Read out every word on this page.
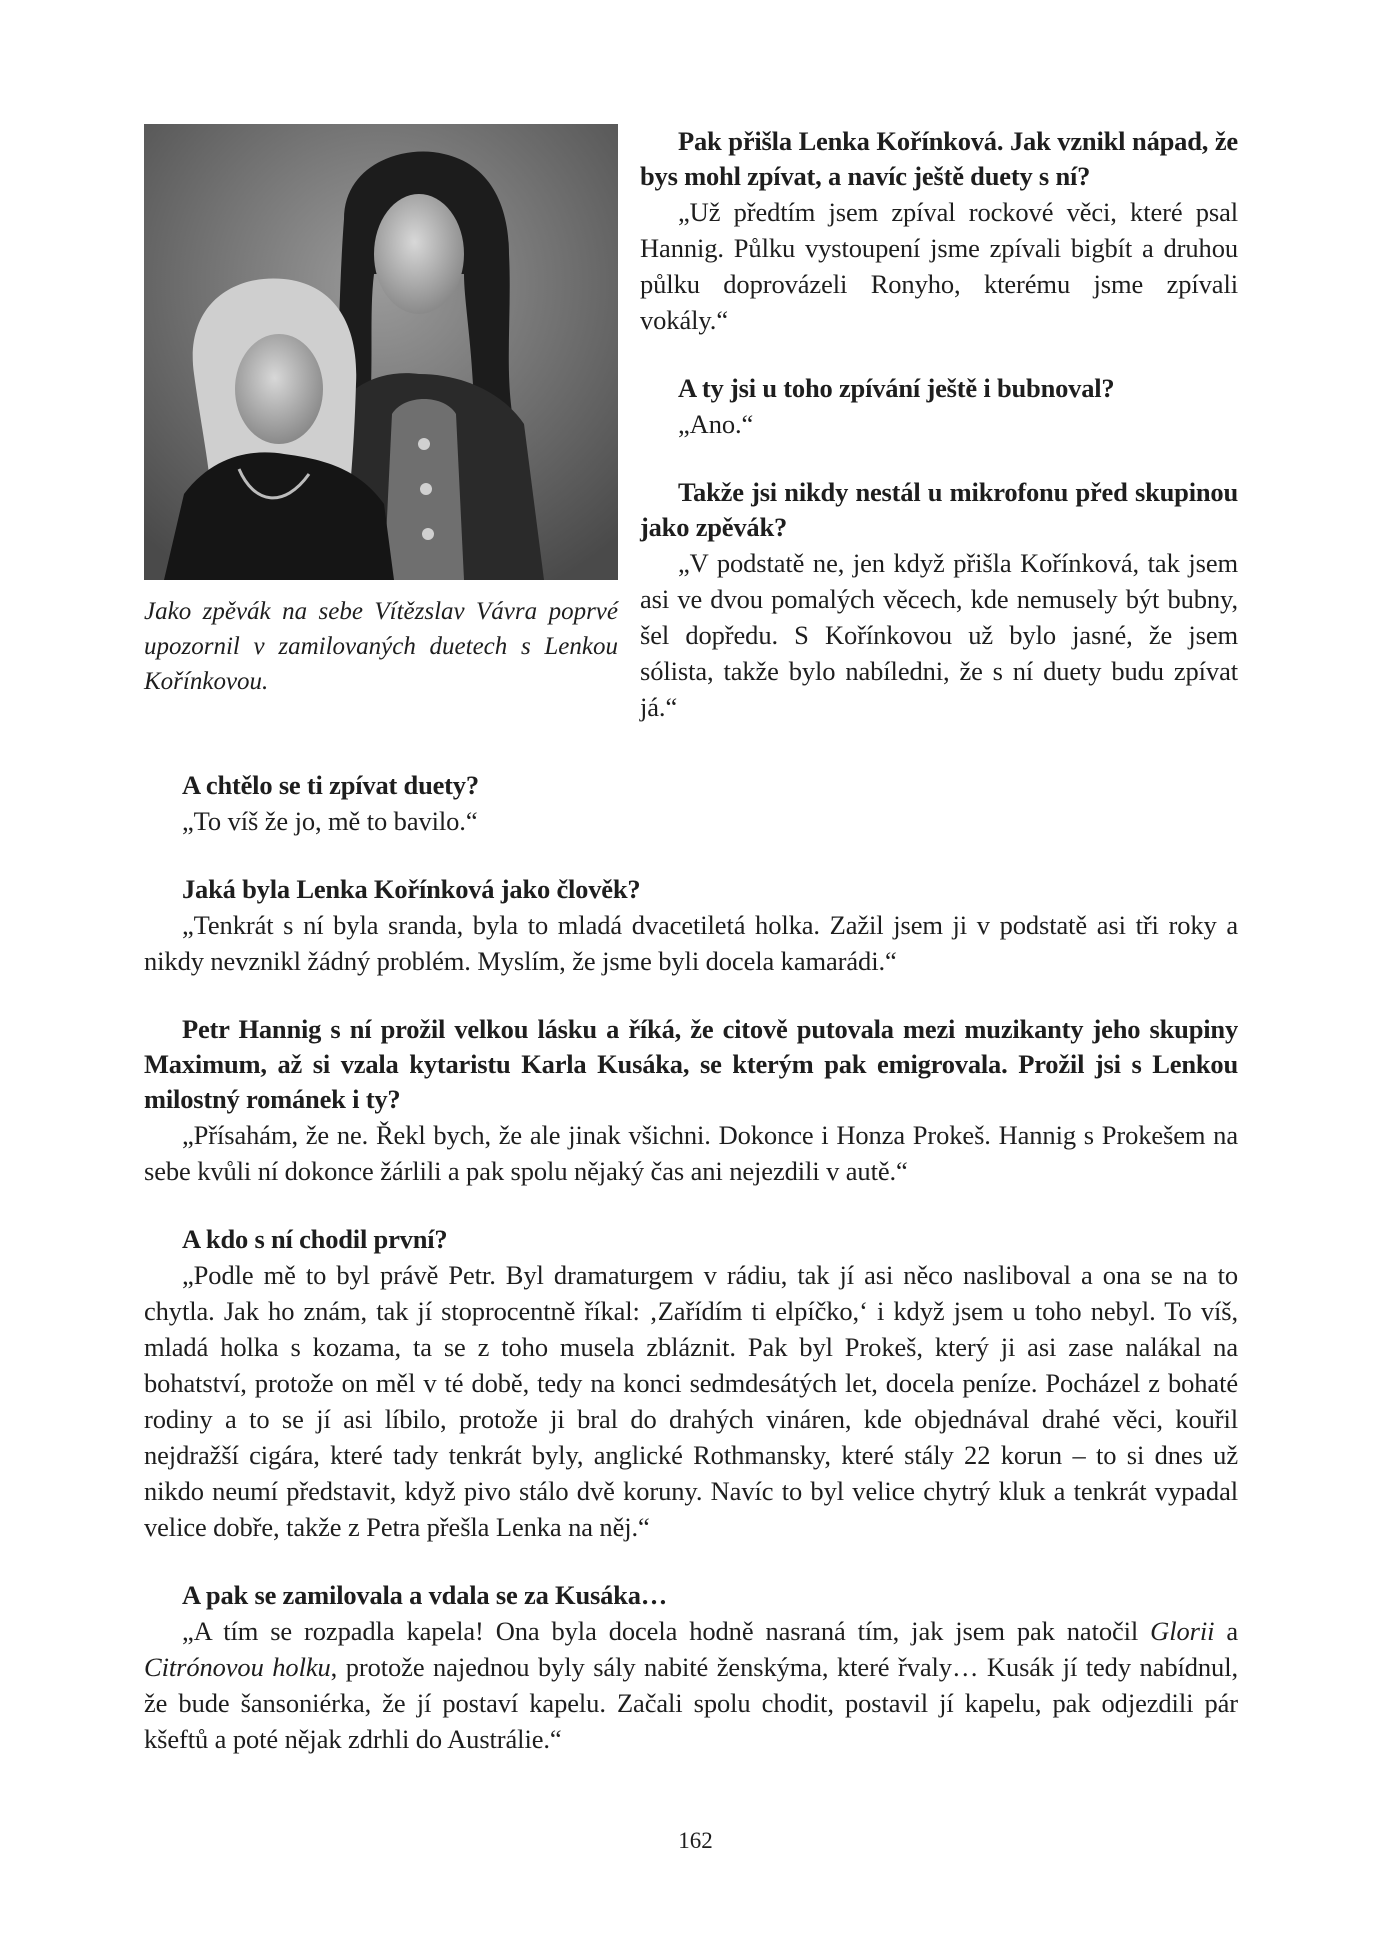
Jako zpěvák na sebe Vítězslav Vávra poprvé upozornil v zamilovaných duetech s Lenkou Kořínkovou.
Pak přišla Lenka Kořínková. Jak vznikl nápad, že bys mohl zpívat, a navíc ještě duety s ní?
„Už předtím jsem zpíval rockové věci, které psal Hannig. Půlku vystoupení jsme zpívali bigbít a druhou půlku doprovázeli Ronyho, kterému jsme zpívali vokály.“
A ty jsi u toho zpívání ještě i bubnoval?
„Ano.“
Takže jsi nikdy nestál u mikrofonu před skupinou jako zpěvák?
„V podstatě ne, jen když přišla Kořínková, tak jsem asi ve dvou pomalých věcech, kde nemusely být bubny, šel dopředu. S Kořínkovou už bylo jasné, že jsem sólista, takže bylo nabíledni, že s ní duety budu zpívat já.“
A chtělo se ti zpívat duety?
„To víš že jo, mě to bavilo.“
Jaká byla Lenka Kořínková jako člověk?
„Tenkrát s ní byla sranda, byla to mladá dvacetiletá holka. Zažil jsem ji v podstatě asi tři roky a nikdy nevznikl žádný problém. Myslím, že jsme byli docela kamarádi.“
Petr Hannig s ní prožil velkou lásku a říká, že citově putovala mezi muzikanty jeho skupiny Maximum, až si vzala kytaristu Karla Kusáka, se kterým pak emigrovala. Prožil jsi s Lenkou milostný románek i ty?
„Přísahám, že ne. Řekl bych, že ale jinak všichni. Dokonce i Honza Prokeš. Hannig s Prokešem na sebe kvůli ní dokonce žárlili a pak spolu nějaký čas ani nejezdili v autě.“
A kdo s ní chodil první?
„Podle mě to byl právě Petr. Byl dramaturgem v rádiu, tak jí asi něco nasliboval a ona se na to chytla. Jak ho znám, tak jí stoprocentně říkal: ‚Zařídím ti elpíčko,‘ i když jsem u toho nebyl. To víš, mladá holka s kozama, ta se z toho musela zbláznit. Pak byl Prokeš, který ji asi zase nalákal na bohatství, protože on měl v té době, tedy na konci sedmdesátých let, docela peníze. Pocházel z bohaté rodiny a to se jí asi líbilo, protože ji bral do drahých vináren, kde objednával drahé věci, kouřil nejdražší cigára, které tady tenkrát byly, anglické Rothmansky, které stály 22 korun – to si dnes už nikdo neumí představit, když pivo stálo dvě koruny. Navíc to byl velice chytrý kluk a tenkrát vypadal velice dobře, takže z Petra přešla Lenka na něj.“
A pak se zamilovala a vdala se za Kusáka…
„A tím se rozpadla kapela! Ona byla docela hodně nasraná tím, jak jsem pak natočil Glorii a Citrónovou holku, protože najednou byly sály nabité ženskýma, které řvaly… Kusák jí tedy nabídnul, že bude šansoniérka, že jí postaví kapelu. Začali spolu chodit, postavil jí kapelu, pak odjezdili pár kšeftů a poté nějak zdrhli do Austrálie.“
162
